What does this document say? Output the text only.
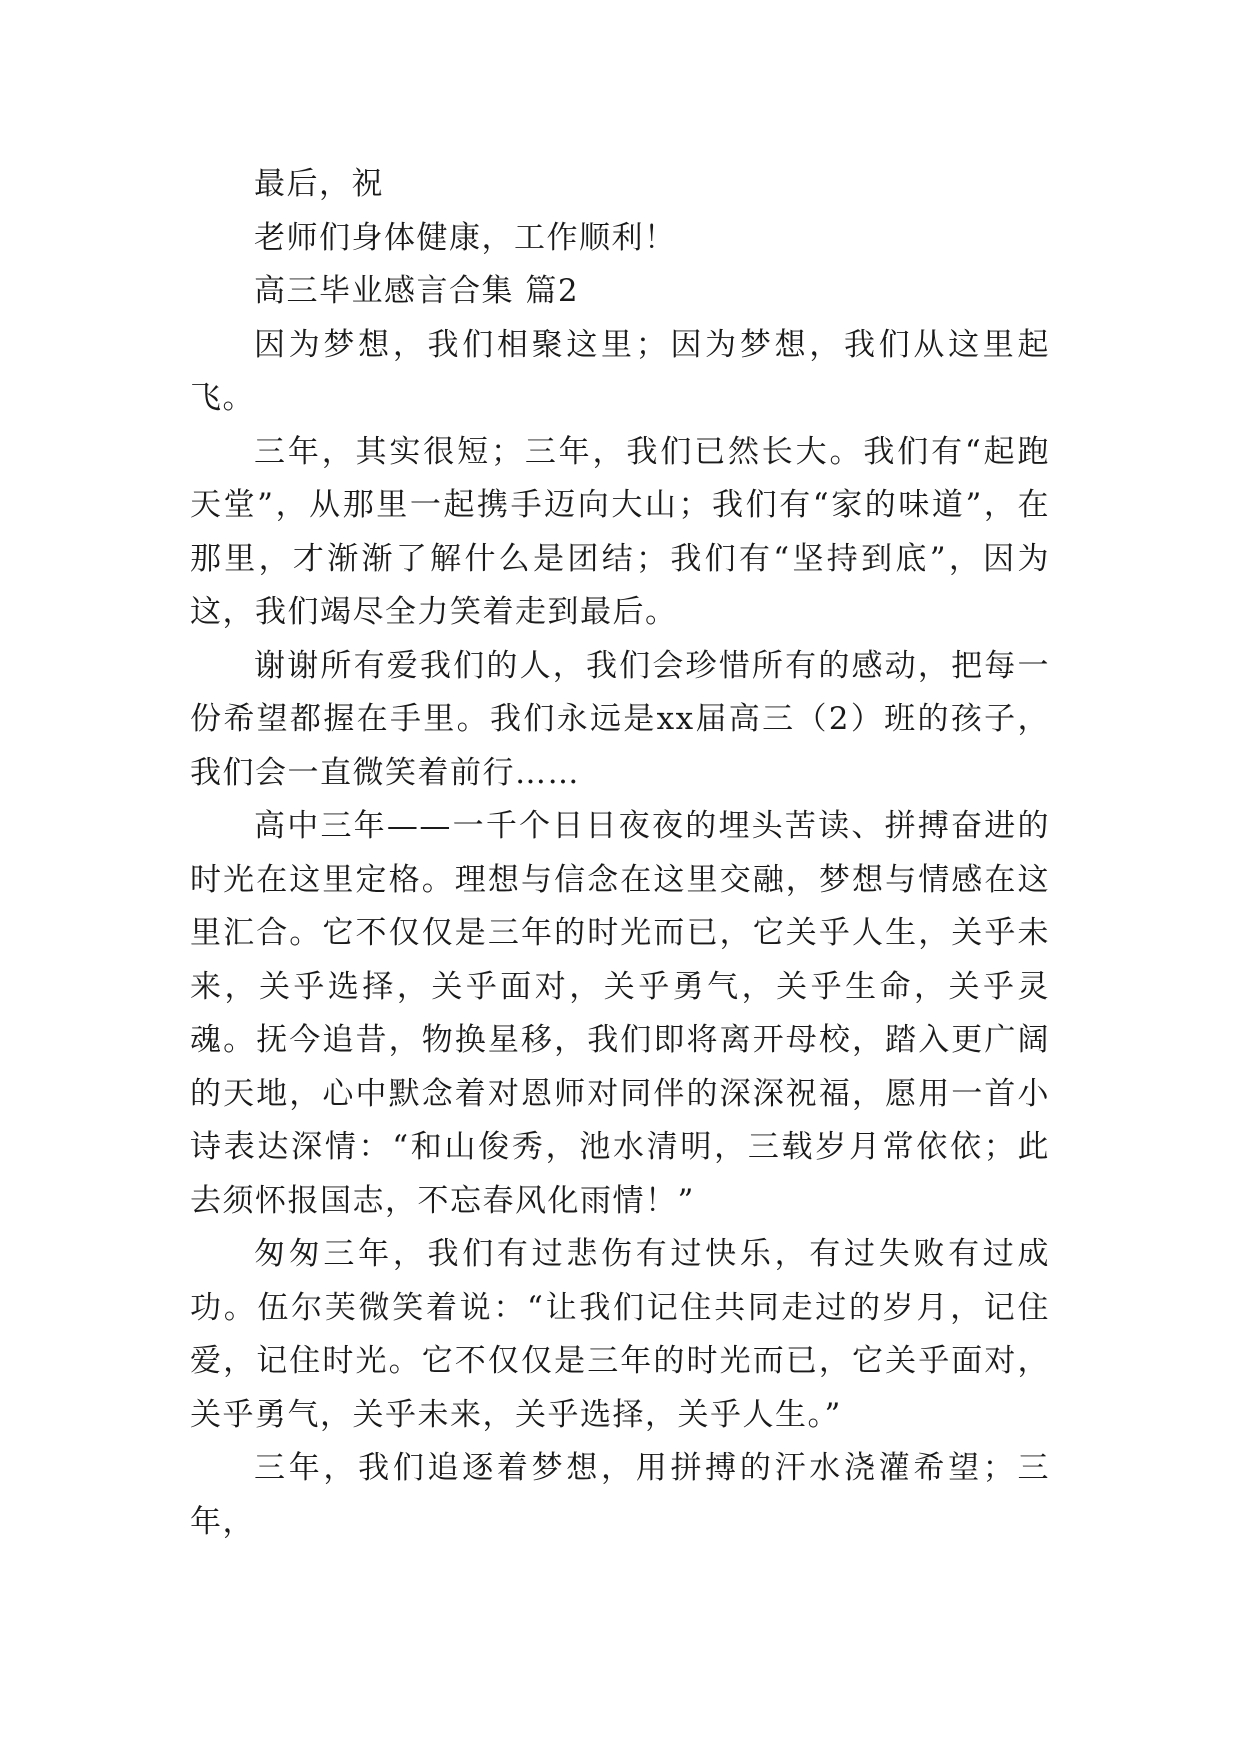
最后，祝

老师们身体健康，工作顺利！

高三毕业感言合集 篇2

因为梦想，我们相聚这里；因为梦想，我们从这里起飞。

三年，其实很短；三年，我们已然长大。我们有“起跑天堂”，从那里一起携手迈向大山；我们有“家的味道”，在那里，才渐渐了解什么是团结；我们有“坚持到底”，因为这，我们竭尽全力笑着走到最后。

谢谢所有爱我们的人，我们会珍惜所有的感动，把每一份希望都握在手里。我们永远是xx届高三（2）班的孩子，我们会一直微笑着前行……

高中三年——一千个日日夜夜的埋头苦读、拼搏奋进的时光在这里定格。理想与信念在这里交融，梦想与情感在这里汇合。它不仅仅是三年的时光而已，它关乎人生，关乎未来，关乎选择，关乎面对，关乎勇气，关乎生命，关乎灵魂。抚今追昔，物换星移，我们即将离开母校，踏入更广阔的天地，心中默念着对恩师对同伴的深深祝福，愿用一首小诗表达深情：“和山俊秀，池水清明，三载岁月常依依；此去须怀报国志，不忘春风化雨情！”

匆匆三年，我们有过悲伤有过快乐，有过失败有过成功。伍尔芙微笑着说：“让我们记住共同走过的岁月，记住爱，记住时光。它不仅仅是三年的时光而已，它关乎面对，关乎勇气，关乎未来，关乎选择，关乎人生。”

三年，我们追逐着梦想，用拼搏的汗水浇灌希望；三年，
